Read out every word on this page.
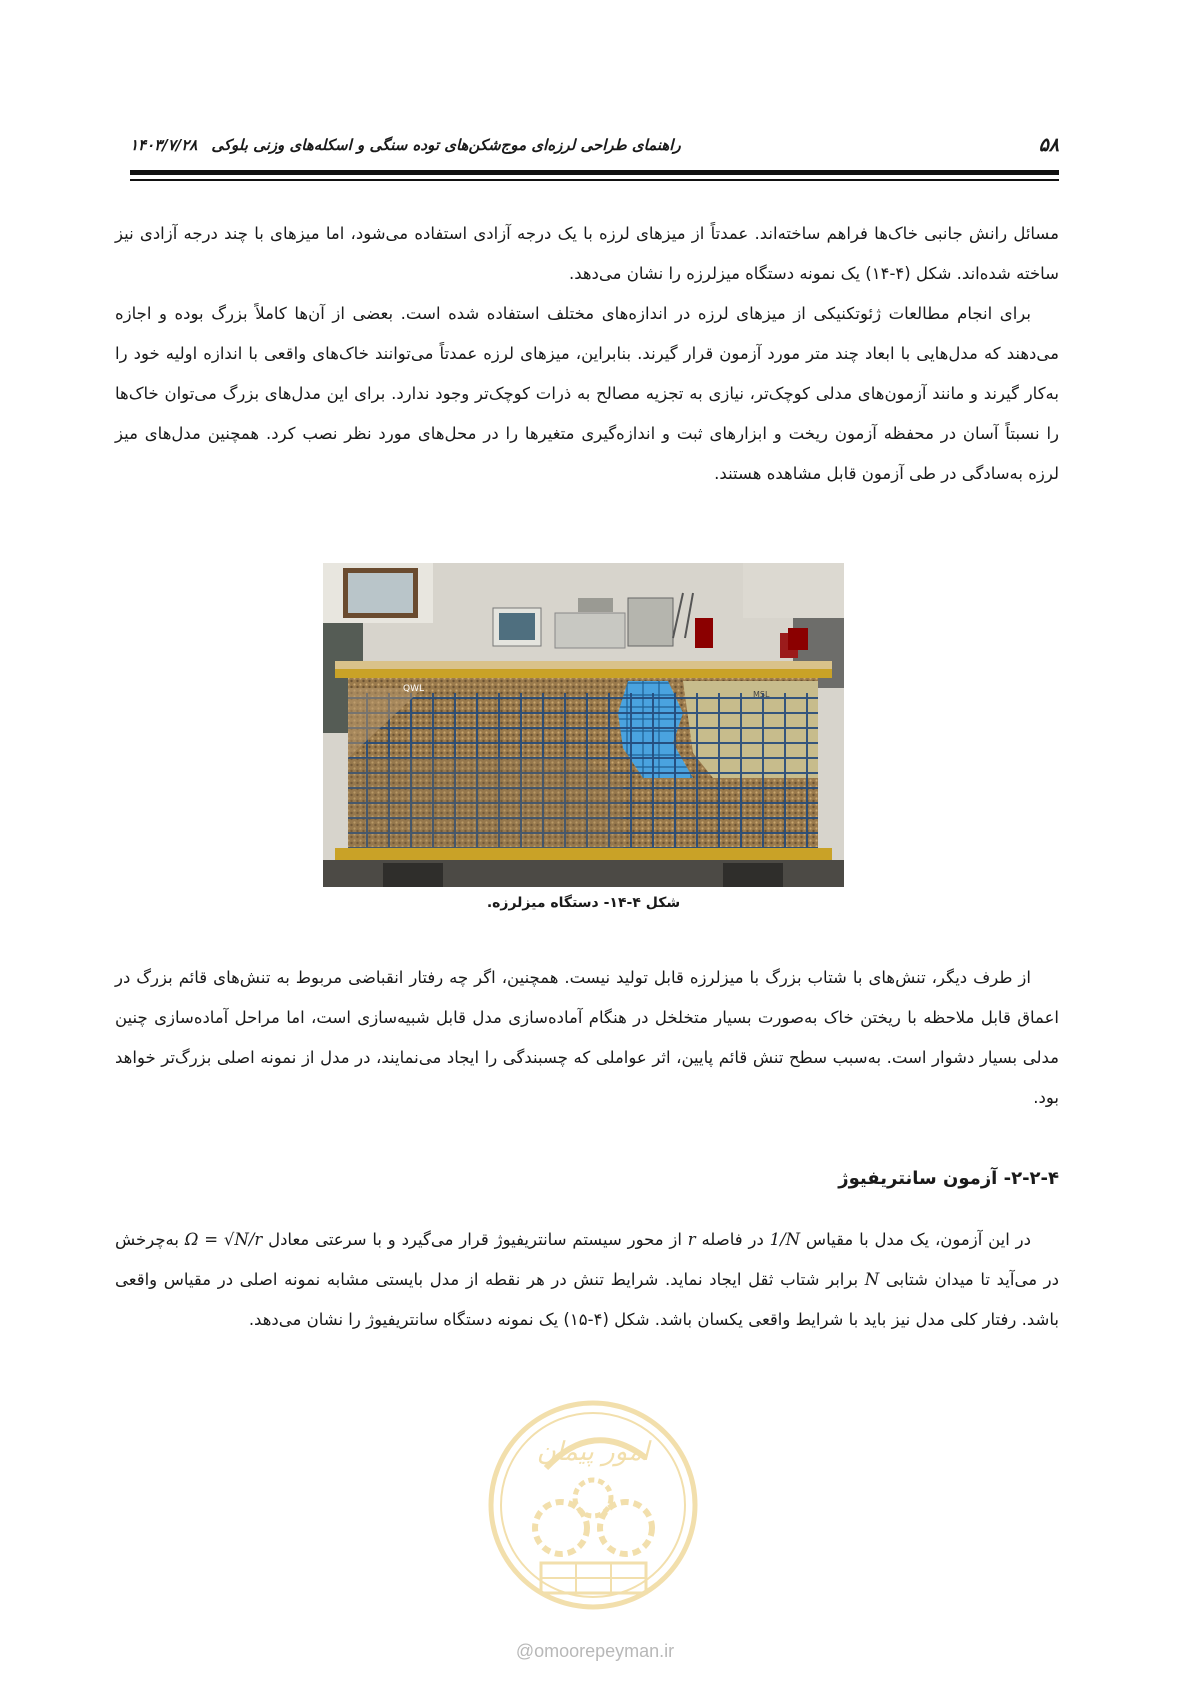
۵۸
راهنمای طراحی لرزه‌ای موج‌شکن‌های توده سنگی و اسکله‌های وزنی بلوکی
۱۴۰۳/۷/۲۸

مسائل رانش جانبی خاک‌ها فراهم ساخته‌اند. عمدتاً از میزهای لرزه با یک درجه آزادی استفاده می‌شود، اما میزهای با چند درجه آزادی نیز ساخته شده‌اند. شکل (۴-۱۴) یک نمونه دستگاه میزلرزه را نشان می‌دهد.

برای انجام مطالعات ژئوتکنیکی از میزهای لرزه در اندازه‌های مختلف استفاده شده است. بعضی از آن‌ها کاملاً بزرگ بوده و اجازه می‌دهند که مدل‌هایی با ابعاد چند متر مورد آزمون قرار گیرند. بنابراین، میزهای لرزه عمدتاً می‌توانند خاک‌های واقعی با اندازه اولیه خود را به‌کار گیرند و مانند آزمون‌های مدلی کوچک‌تر، نیازی به تجزیه مصالح به ذرات کوچک‌تر وجود ندارد. برای این مدل‌های بزرگ می‌توان خاک‌ها را نسبتاً آسان در محفظه آزمون ریخت و ابزارهای ثبت و اندازه‌گیری متغیرها را در محل‌های مورد نظر نصب کرد. همچنین مدل‌های میز لرزه به‌سادگی در طی آزمون قابل مشاهده هستند.

QWL
MSL
شکل ۴-۱۴- دستگاه میزلرزه.

از طرف دیگر، تنش‌های با شتاب بزرگ با میزلرزه قابل تولید نیست. همچنین، اگر چه رفتار انقباضی مربوط به تنش‌های قائم بزرگ در اعماق قابل ملاحظه با ریختن خاک به‌صورت بسیار متخلخل در هنگام آماده‌سازی مدل قابل شبیه‌سازی است، اما مراحل آماده‌سازی چنین مدلی بسیار دشوار است. به‌سبب سطح تنش قائم پایین، اثر عواملی که چسبندگی را ایجاد می‌نمایند، در مدل از نمونه اصلی بزرگ‌تر خواهد بود.

۲-۲-۴- آزمون سانتریفیوژ

در این آزمون، یک مدل با مقیاس 1/N در فاصله r از محور سیستم سانتریفیوژ قرار می‌گیرد و با سرعتی معادل Ω = √N/r به‌چرخش در می‌آید تا میدان شتابی N برابر شتاب ثقل ایجاد نماید. شرایط تنش در هر نقطه از مدل بایستی مشابه نمونه اصلی در مقیاس واقعی باشد. رفتار کلی مدل نیز باید با شرایط واقعی یکسان باشد. شکل (۴-۱۵) یک نمونه دستگاه سانتریفیوژ را نشان می‌دهد.

امور پیمان
@omoorepeyman.ir
